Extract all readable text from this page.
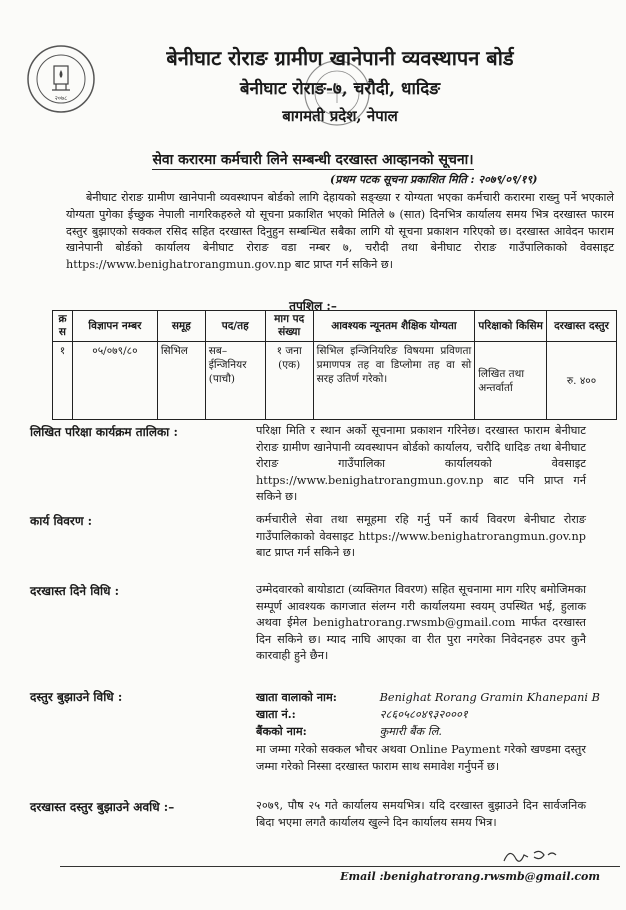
२०७८
बेनीघाट रोराङ ग्रामीण खानेपानी व्यवस्थापन बोर्ड
बेनीघाट रोराङ-७, चरौदी, धादिङ
बागमती प्रदेश, नेपाल
सेवा करारमा कर्मचारी लिने सम्बन्धी दरखास्त आव्हानको सूचना।
(प्रथम पटक सूचना प्रकाशित मिति : २०७९/०९/१९)
बेनीघाट रोराङ ग्रामीण खानेपानी व्यवस्थापन बोर्डको लागि देहायको सङ्ख्या र योग्यता भएका कर्मचारी करारमा राख्नु पर्ने भएकाले योग्यता पुगेका ईच्छुक नेपाली नागरिकहरुले यो सूचना प्रकाशित भएको मितिले ७ (सात) दिनभित्र कार्यालय समय भित्र दरखास्त फारम दस्तुर बुझाएको सक्कल रसिद सहित दरखास्त दिनुहुन सम्बन्धित सबैका लागि यो सूचना प्रकाशन गरिएको छ। दरखास्त आवेदन फाराम खानेपानी बोर्डको कार्यालय बेनीघाट रोराङ वडा नम्बर ७, चरौदी तथा बेनीघाट रोराङ गाउँपालिकाको वेवसाइट https://www.benighatrorangmun.gov.np बाट प्राप्त गर्न सकिने छ।
तपशिल :–
क्र स	विज्ञापन नम्बर	समूह	पद/तह	माग पद संख्या	आवश्यक न्यूनतम शैक्षिक योग्यता	परिक्षाको किसिम	दरखास्त दस्तुर
१	०५/०७९/८०	सिभिल	सब–ईन्जिनियर (पाचौ)	१ जना (एक)	सिभिल इन्जिनियरिङ विषयमा प्रविणता प्रमाणपत्र तह वा डिप्लोमा तह वा सो सरह उतिर्ण गरेको।	लिखित तथा अन्तर्वार्ता	रु. ४००
लिखित परिक्षा कार्यक्रम तालिका :	परिक्षा मिति र स्थान अर्को सूचनामा प्रकाशन गरिनेछ। दरखास्त फाराम बेनीघाट रोराङ ग्रामीण खानेपानी व्यवस्थापन बोर्डको कार्यालय, चरौदि धादिङ तथा बेनीघाट रोराङ गाउँपालिका कार्यालयको वेवसाइट https://www.benighatrorangmun.gov.np बाट पनि प्राप्त गर्न सकिने छ।
कार्य विवरण :	कर्मचारीले सेवा तथा समूहमा रहि गर्नु पर्ने कार्य विवरण बेनीघाट रोराङ गाउँपालिकाको वेवसाइट https://www.benighatrorangmun.gov.np बाट प्राप्त गर्न सकिने छ।
दरखास्त दिने विधि :	उम्मेदवारको बायोडाटा (व्यक्तिगत विवरण) सहित सूचनामा माग गरिए बमोजिमका सम्पूर्ण आवश्यक कागजात संलग्न गरी कार्यालयमा स्वयम् उपस्थित भई, हुलाक अथवा ईमेल benighatrorang.rwsmb@gmail.com मार्फत दरखास्त दिन सकिने छ। म्याद नाघि आएका वा रीत पुरा नगरेका निवेदनहरु उपर कुनै कारवाही हुने छैन।
दस्तुर बुझाउने विधि :	खाता वालाको नाम:	Benighat Rorang Gramin Khanepani B
खाता नं.:	२८६०५८०४९३२०००१
बैंकको नाम:	कुमारी बैंक लि.
मा जम्मा गरेको सक्कल भौचर अथवा Online Payment गरेको खण्डमा दस्तुर जम्मा गरेको निस्सा दरखास्त फाराम साथ समावेश गर्नुपर्ने छ।
दरखास्त दस्तुर बुझाउने अवधि :–	२०७९, पौष २५ गते कार्यालय समयभित्र। यदि दरखास्त बुझाउने दिन सार्वजनिक बिदा भएमा लगतै कार्यालय खुल्ने दिन कार्यालय समय भित्र।
Email :benighatrorang.rwsmb@gmail.com
